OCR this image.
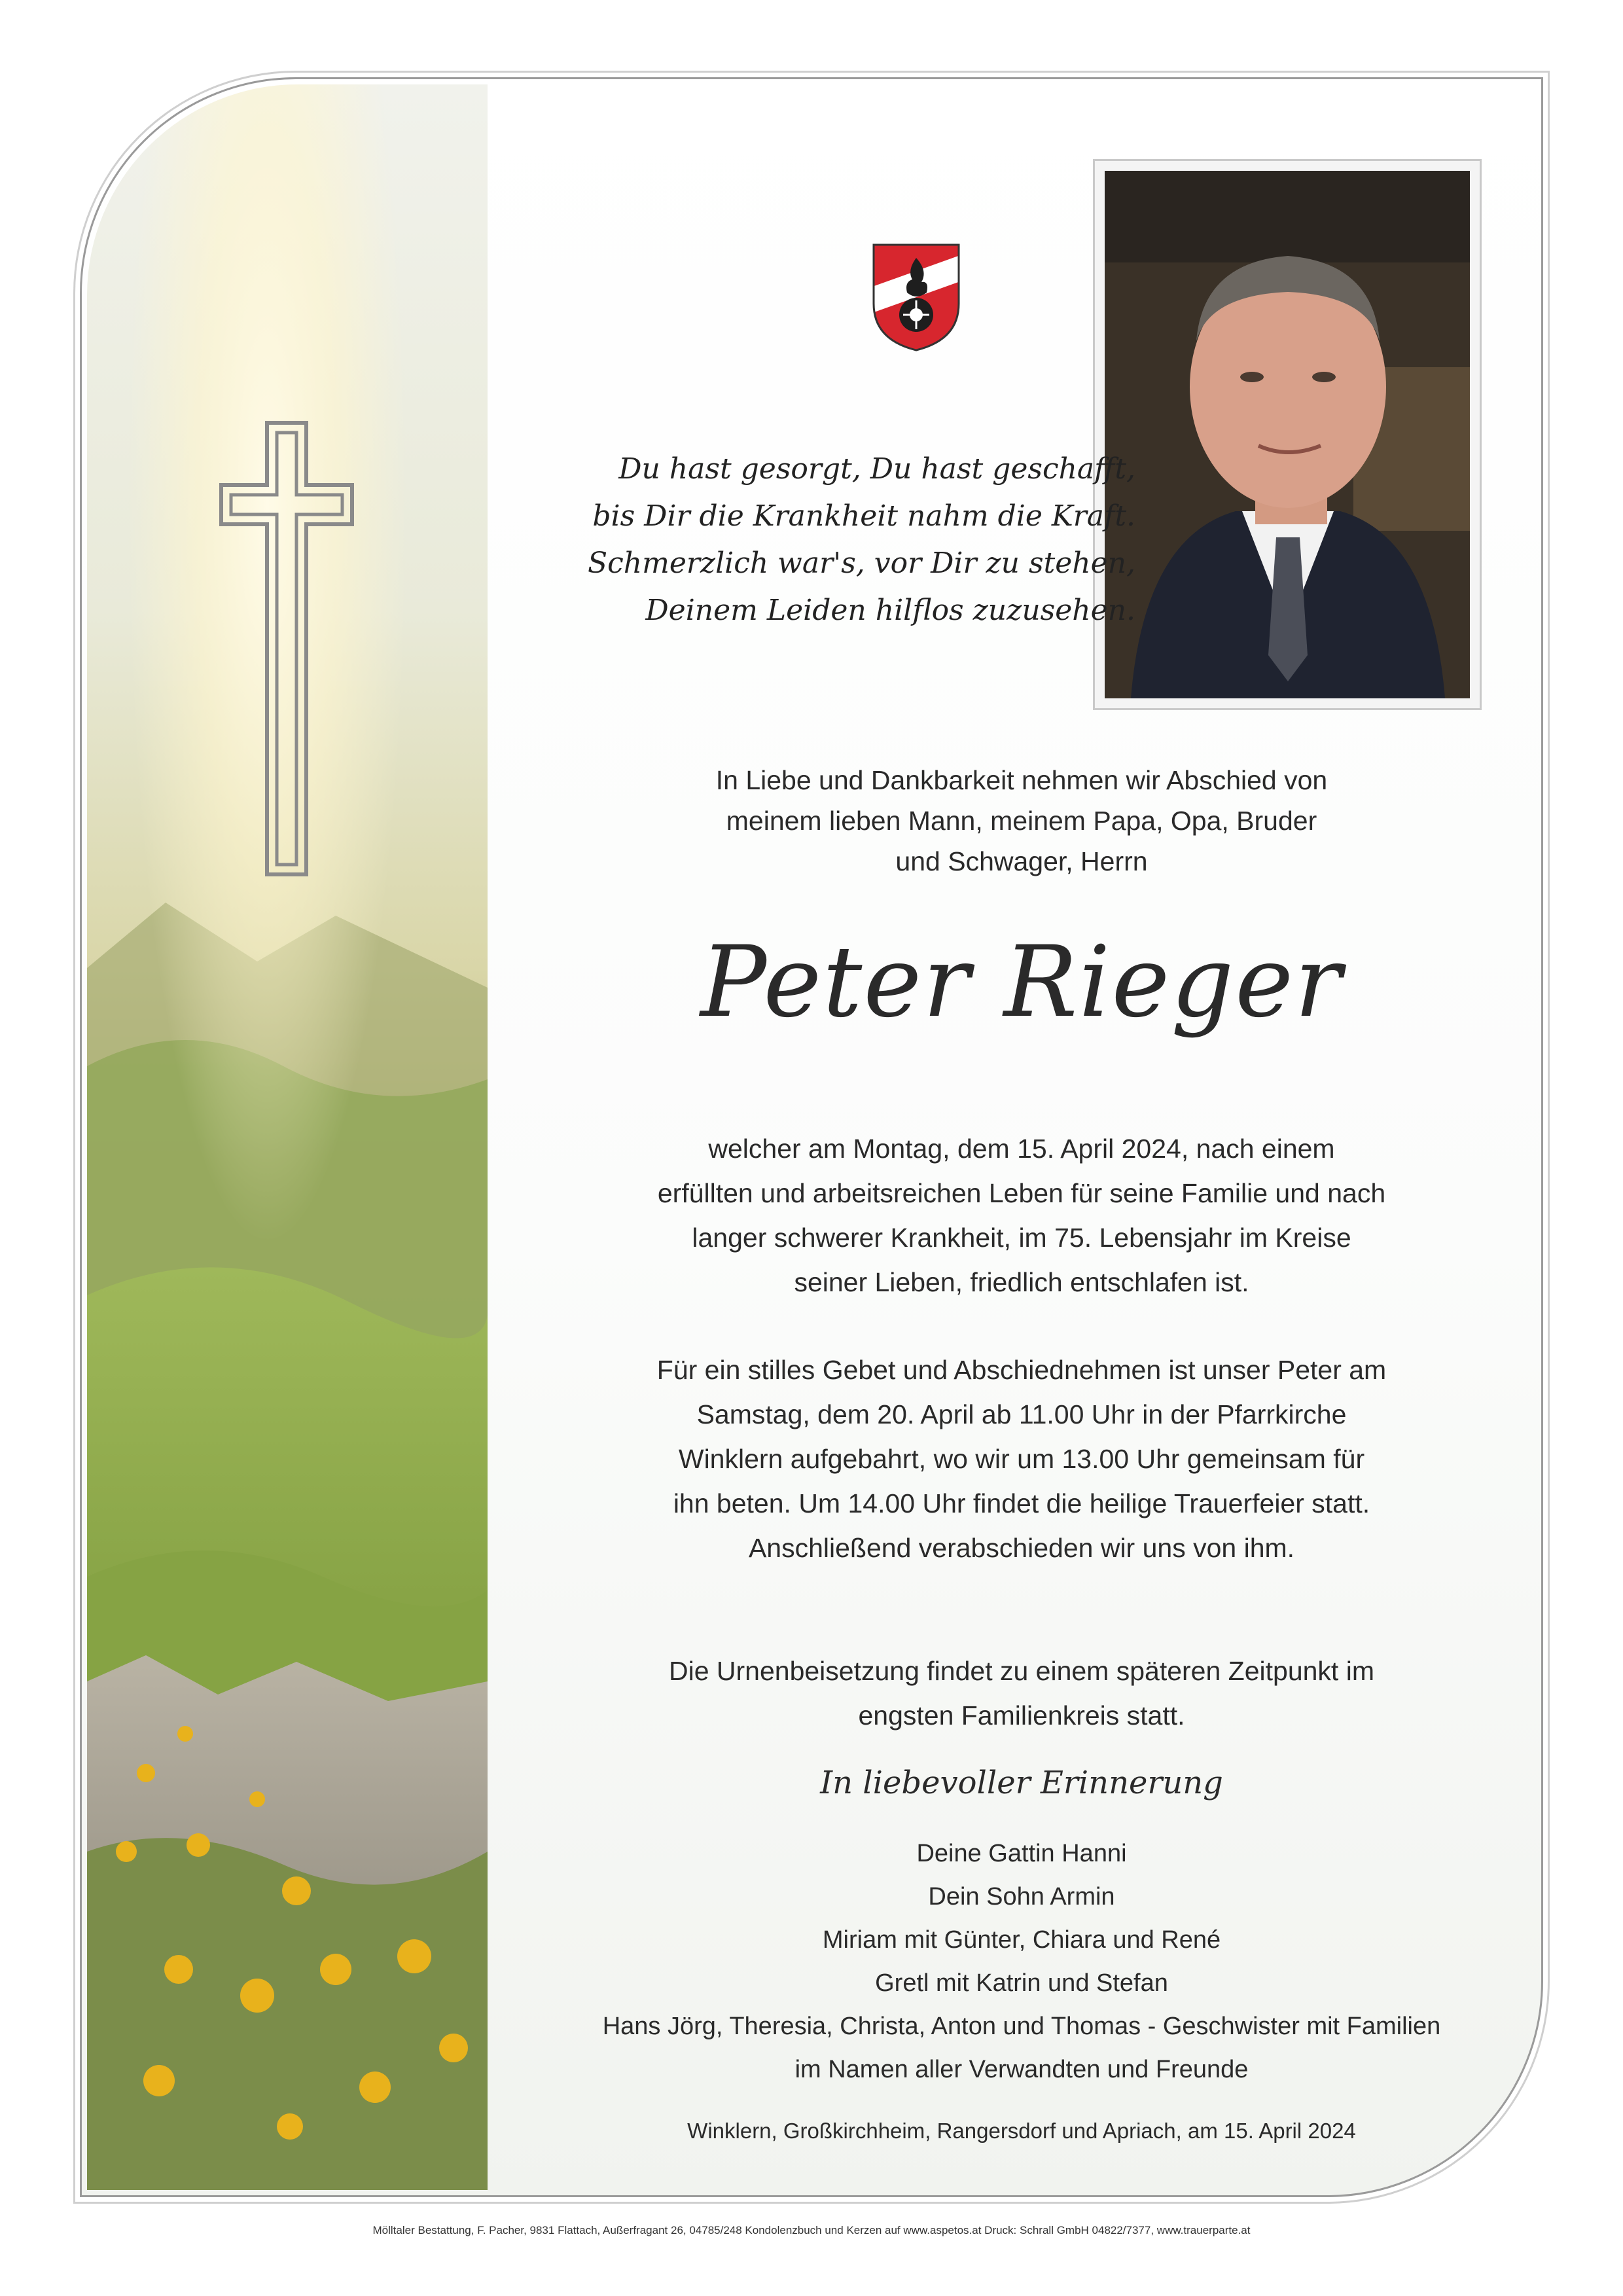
Du hast gesorgt, Du hast geschafft,
bis Dir die Krankheit nahm die Kraft.
Schmerzlich war's, vor Dir zu stehen,
Deinem Leiden hilflos zuzusehen.
In Liebe und Dankbarkeit nehmen wir Abschied von
meinem lieben Mann, meinem Papa, Opa, Bruder
und Schwager, Herrn
Peter Rieger
welcher am Montag, dem 15. April 2024, nach einem
erfüllten und arbeitsreichen Leben für seine Familie und nach
langer schwerer Krankheit, im 75. Lebensjahr im Kreise
seiner Lieben, friedlich entschlafen ist.
Für ein stilles Gebet und Abschiednehmen ist unser Peter am
Samstag, dem 20. April ab 11.00 Uhr in der Pfarrkirche
Winklern aufgebahrt, wo wir um 13.00 Uhr gemeinsam für
ihn beten. Um 14.00 Uhr findet die heilige Trauerfeier statt.
Anschließend verabschieden wir uns von ihm.
Die Urnenbeisetzung findet zu einem späteren Zeitpunkt im
engsten Familienkreis statt.
In liebevoller Erinnerung
Deine Gattin Hanni
Dein Sohn Armin
Miriam mit Günter, Chiara und René
Gretl mit Katrin und Stefan
Hans Jörg, Theresia, Christa, Anton und Thomas - Geschwister mit Familien
im Namen aller Verwandten und Freunde
Winklern, Großkirchheim, Rangersdorf und Apriach, am 15. April 2024
Mölltaler Bestattung, F. Pacher, 9831 Flattach, Außerfragant 26, 04785/248 Kondolenzbuch und Kerzen auf www.aspetos.at Druck: Schrall GmbH 04822/7377, www.trauerparte.at
